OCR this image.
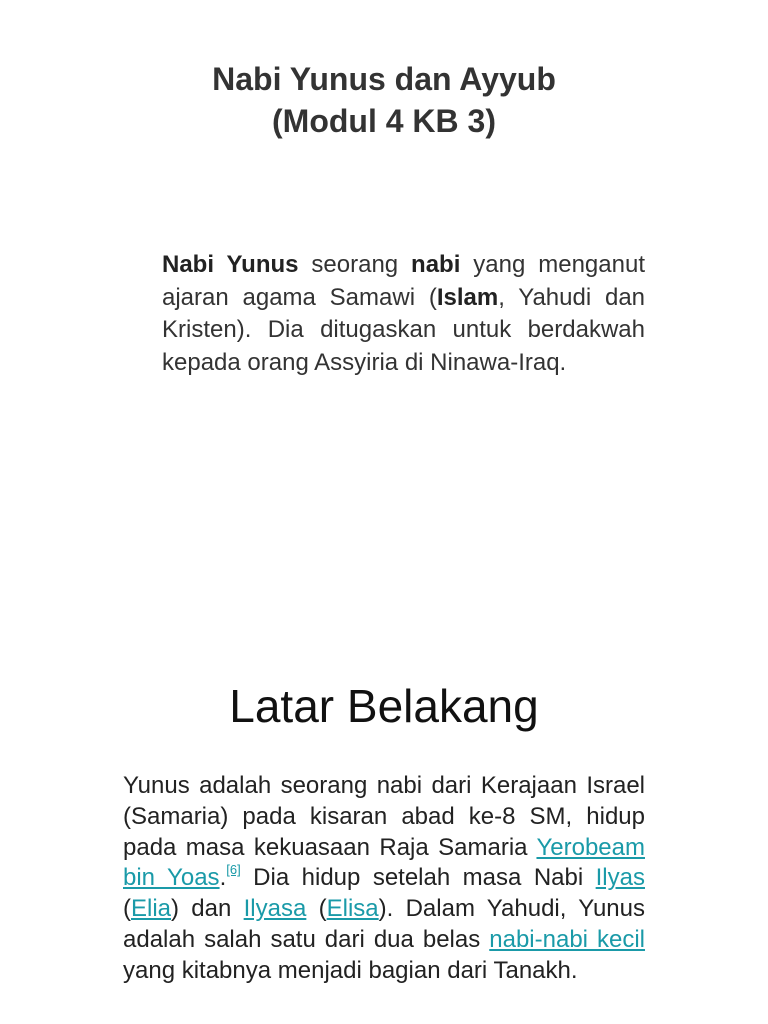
Nabi Yunus dan Ayyub
(Modul 4 KB 3)

Nabi Yunus seorang nabi yang menganut ajaran agama Samawi (Islam, Yahudi dan Kristen). Dia ditugaskan untuk berdakwah kepada orang Assyiria di Ninawa-Iraq.

Latar Belakang

Yunus adalah seorang nabi dari Kerajaan Israel (Samaria) pada kisaran abad ke-8 SM, hidup pada masa kekuasaan Raja Samaria Yerobeam bin Yoas.[6] Dia hidup setelah masa Nabi Ilyas (Elia) dan Ilyasa (Elisa). Dalam Yahudi, Yunus adalah salah satu dari dua belas nabi-nabi kecil yang kitabnya menjadi bagian dari Tanakh.
